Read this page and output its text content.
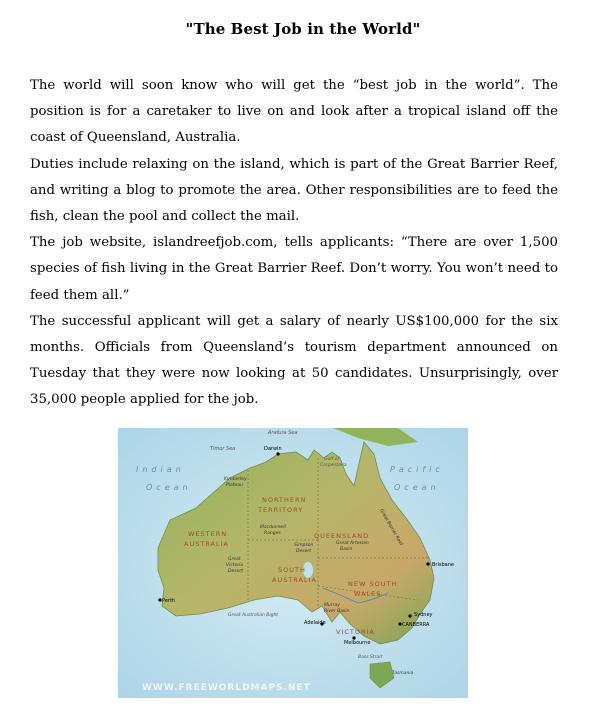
"The Best Job in the World"

The world will soon know who will get the “best job in the world”. The position is for a caretaker to live on and look after a tropical island off the coast of Queensland, Australia.

Duties include relaxing on the island, which is part of the Great Barrier Reef, and writing a blog to promote the area. Other responsibilities are to feed the fish, clean the pool and collect the mail.

The job website, islandreefjob.com, tells applicants: “There are over 1,500 species of fish living in the Great Barrier Reef. Don’t worry. You won’t need to feed them all.”

The successful applicant will get a salary of nearly US$100,000 for the six months. Officials from Queensland’s tourism department announced on Tuesday that they were now looking at 50 candidates. Unsurprisingly, over 35,000 people applied for the job.

Indian
Ocean
Pacific
Ocean
Arafura Sea
Timor Sea
Gulf of
Carpentaria
Kimberley
Plateau
Macdonnell
Ranges
Simpson
Desert
Great Artesian
Basin
Great
Victoria
Desert
Great Australian Bight
Murray
River Basin
Bass Strait
Tasmania
Great Barrier Reef
WESTERN
AUSTRALIA
NORTHERN
TERRITORY
QUEENSLAND
SOUTH
AUSTRALIA	NEW SOUTH
WALES
VICTORIA
Darwin
Perth
Adelaide
Melbourne
Sydney
CANBERRA
Brisbane
WWW.FREEWORLDMAPS.NET
